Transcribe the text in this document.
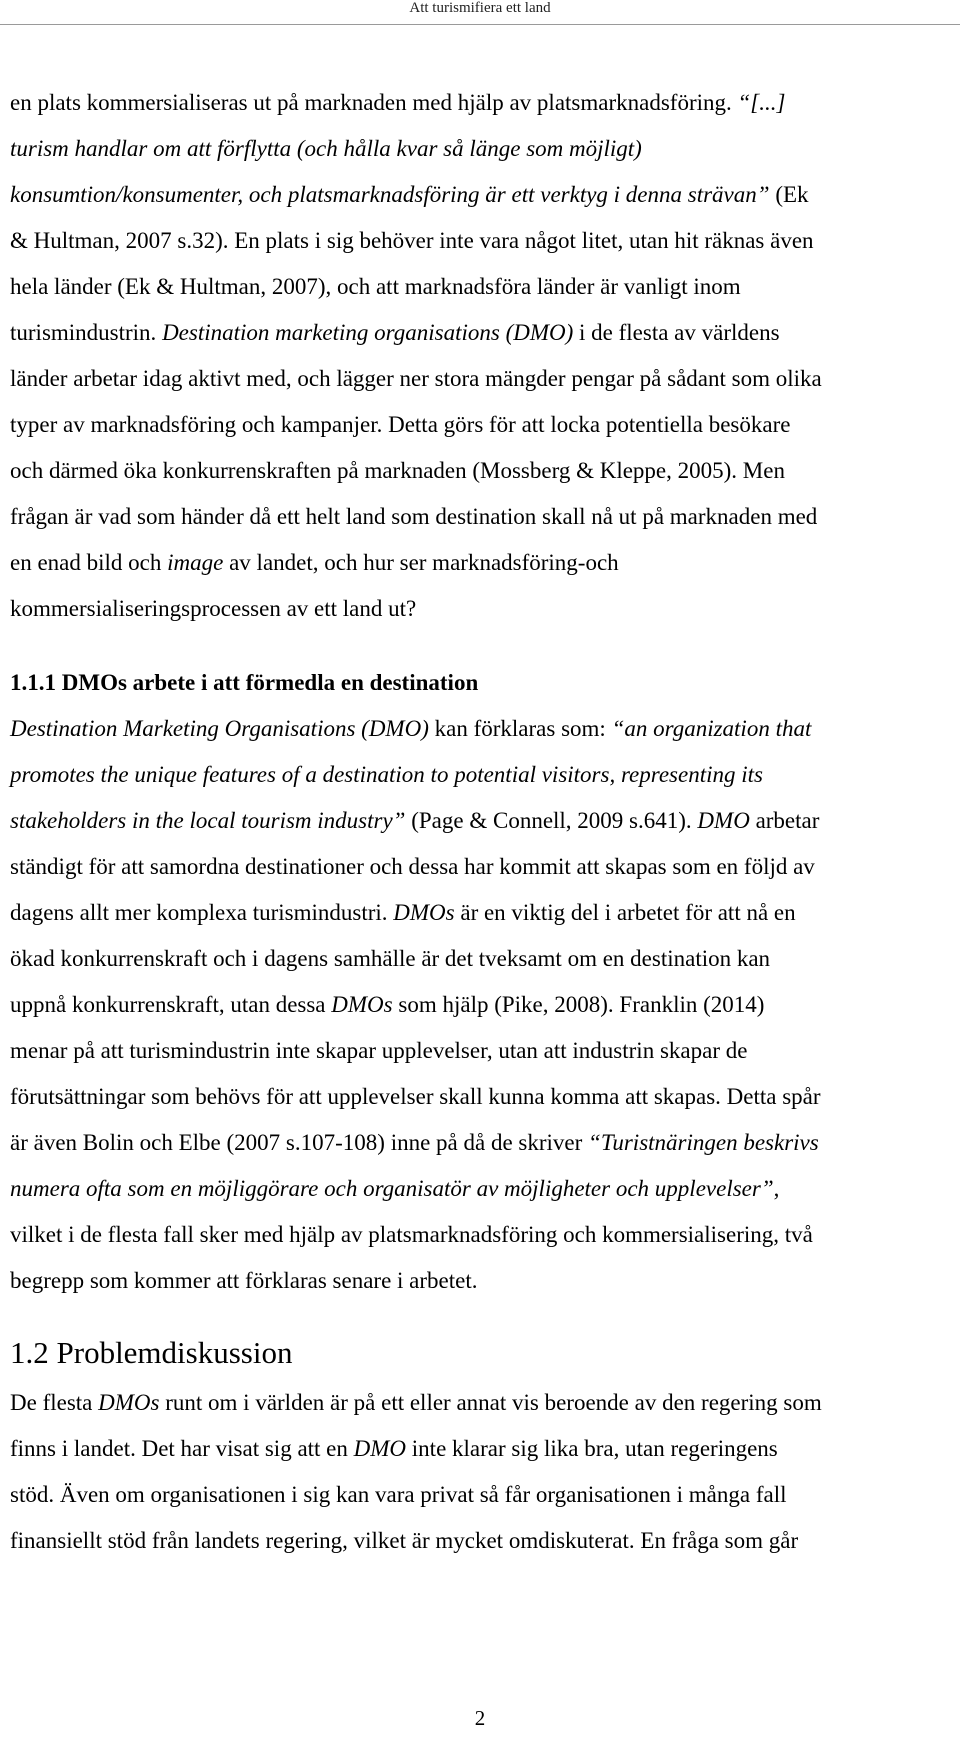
Att turismifiera ett land

en plats kommersialiseras ut på marknaden med hjälp av platsmarknadsföring. “[...]

turism handlar om att förflytta (och hålla kvar så länge som möjligt)

konsumtion/konsumenter, och platsmarknadsföring är ett verktyg i denna strävan” (Ek

& Hultman, 2007 s.32). En plats i sig behöver inte vara något litet, utan hit räknas även

hela länder (Ek & Hultman, 2007), och att marknadsföra länder är vanligt inom

turismindustrin. Destination marketing organisations (DMO) i de flesta av världens

länder arbetar idag aktivt med, och lägger ner stora mängder pengar på sådant som olika

typer av marknadsföring och kampanjer. Detta görs för att locka potentiella besökare

och därmed öka konkurrenskraften på marknaden (Mossberg & Kleppe, 2005). Men

frågan är vad som händer då ett helt land som destination skall nå ut på marknaden med

en enad bild och image av landet, och hur ser marknadsföring-och

kommersialiseringsprocessen av ett land ut?

1.1.1 DMOs arbete i att förmedla en destination

Destination Marketing Organisations (DMO) kan förklaras som: “an organization that

promotes the unique features of a destination to potential visitors, representing its

stakeholders in the local tourism industry” (Page & Connell, 2009 s.641). DMO arbetar

ständigt för att samordna destinationer och dessa har kommit att skapas som en följd av

dagens allt mer komplexa turismindustri. DMOs är en viktig del i arbetet för att nå en

ökad konkurrenskraft och i dagens samhälle är det tveksamt om en destination kan

uppnå konkurrenskraft, utan dessa DMOs som hjälp (Pike, 2008). Franklin (2014)

menar på att turismindustrin inte skapar upplevelser, utan att industrin skapar de

förutsättningar som behövs för att upplevelser skall kunna komma att skapas. Detta spår

är även Bolin och Elbe (2007 s.107-108) inne på då de skriver “Turistnäringen beskrivs

numera ofta som en möjliggörare och organisatör av möjligheter och upplevelser”,

vilket i de flesta fall sker med hjälp av platsmarknadsföring och kommersialisering, två

begrepp som kommer att förklaras senare i arbetet.

1.2 Problemdiskussion

De flesta DMOs runt om i världen är på ett eller annat vis beroende av den regering som

finns i landet. Det har visat sig att en DMO inte klarar sig lika bra, utan regeringens

stöd. Även om organisationen i sig kan vara privat så får organisationen i många fall

finansiellt stöd från landets regering, vilket är mycket omdiskuterat. En fråga som går

2
